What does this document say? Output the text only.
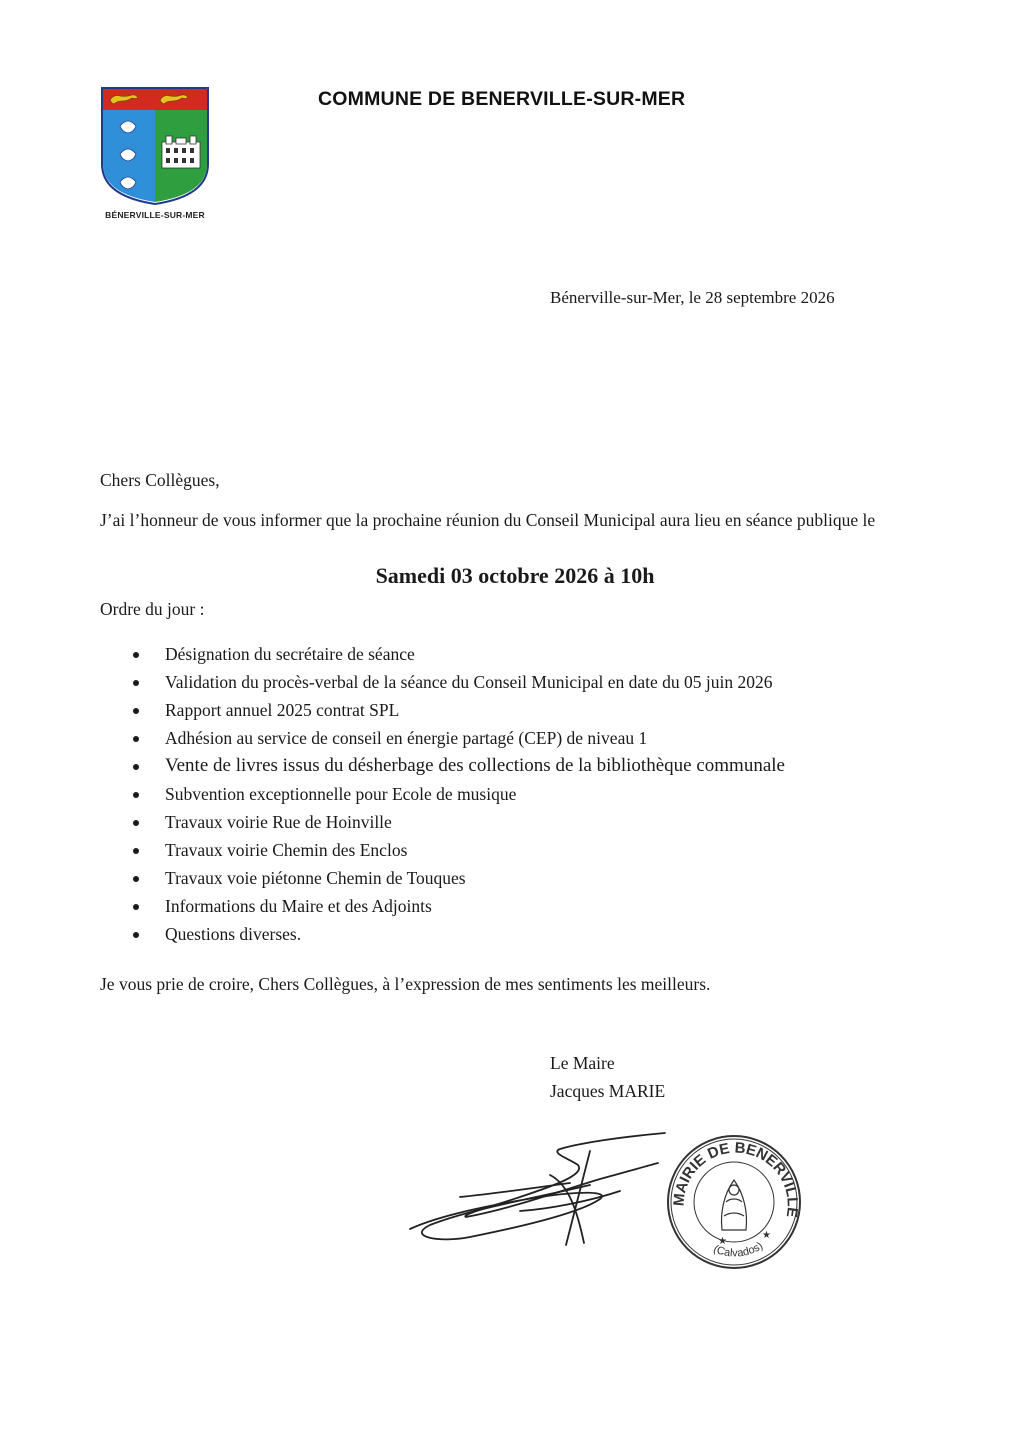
BÉNERVILLE-SUR-MER
COMMUNE DE BENERVILLE-SUR-MER
Bénerville-sur-Mer, le 28 septembre 2026
Chers Collègues,
J’ai l’honneur de vous informer que la prochaine réunion du Conseil Municipal aura lieu en séance publique le
Samedi 03 octobre 2026 à 10h
Ordre du jour :
Désignation du secrétaire de séance
Validation du procès-verbal de la séance du Conseil Municipal en date du 05 juin 2026
Rapport annuel 2025 contrat SPL
Adhésion au service de conseil en énergie partagé (CEP) de niveau 1
Vente de livres issus du désherbage des collections de la bibliothèque communale
Subvention exceptionnelle pour Ecole de musique
Travaux voirie Rue de Hoinville
Travaux voirie Chemin des Enclos
Travaux voie piétonne Chemin de Touques
Informations du Maire et des Adjoints
Questions diverses.
Je vous prie de croire, Chers Collègues, à l’expression de mes sentiments les meilleurs.
Le Maire
Jacques MARIE
MAIRIE DE BENERVILLE
(Calvados)
★
★
